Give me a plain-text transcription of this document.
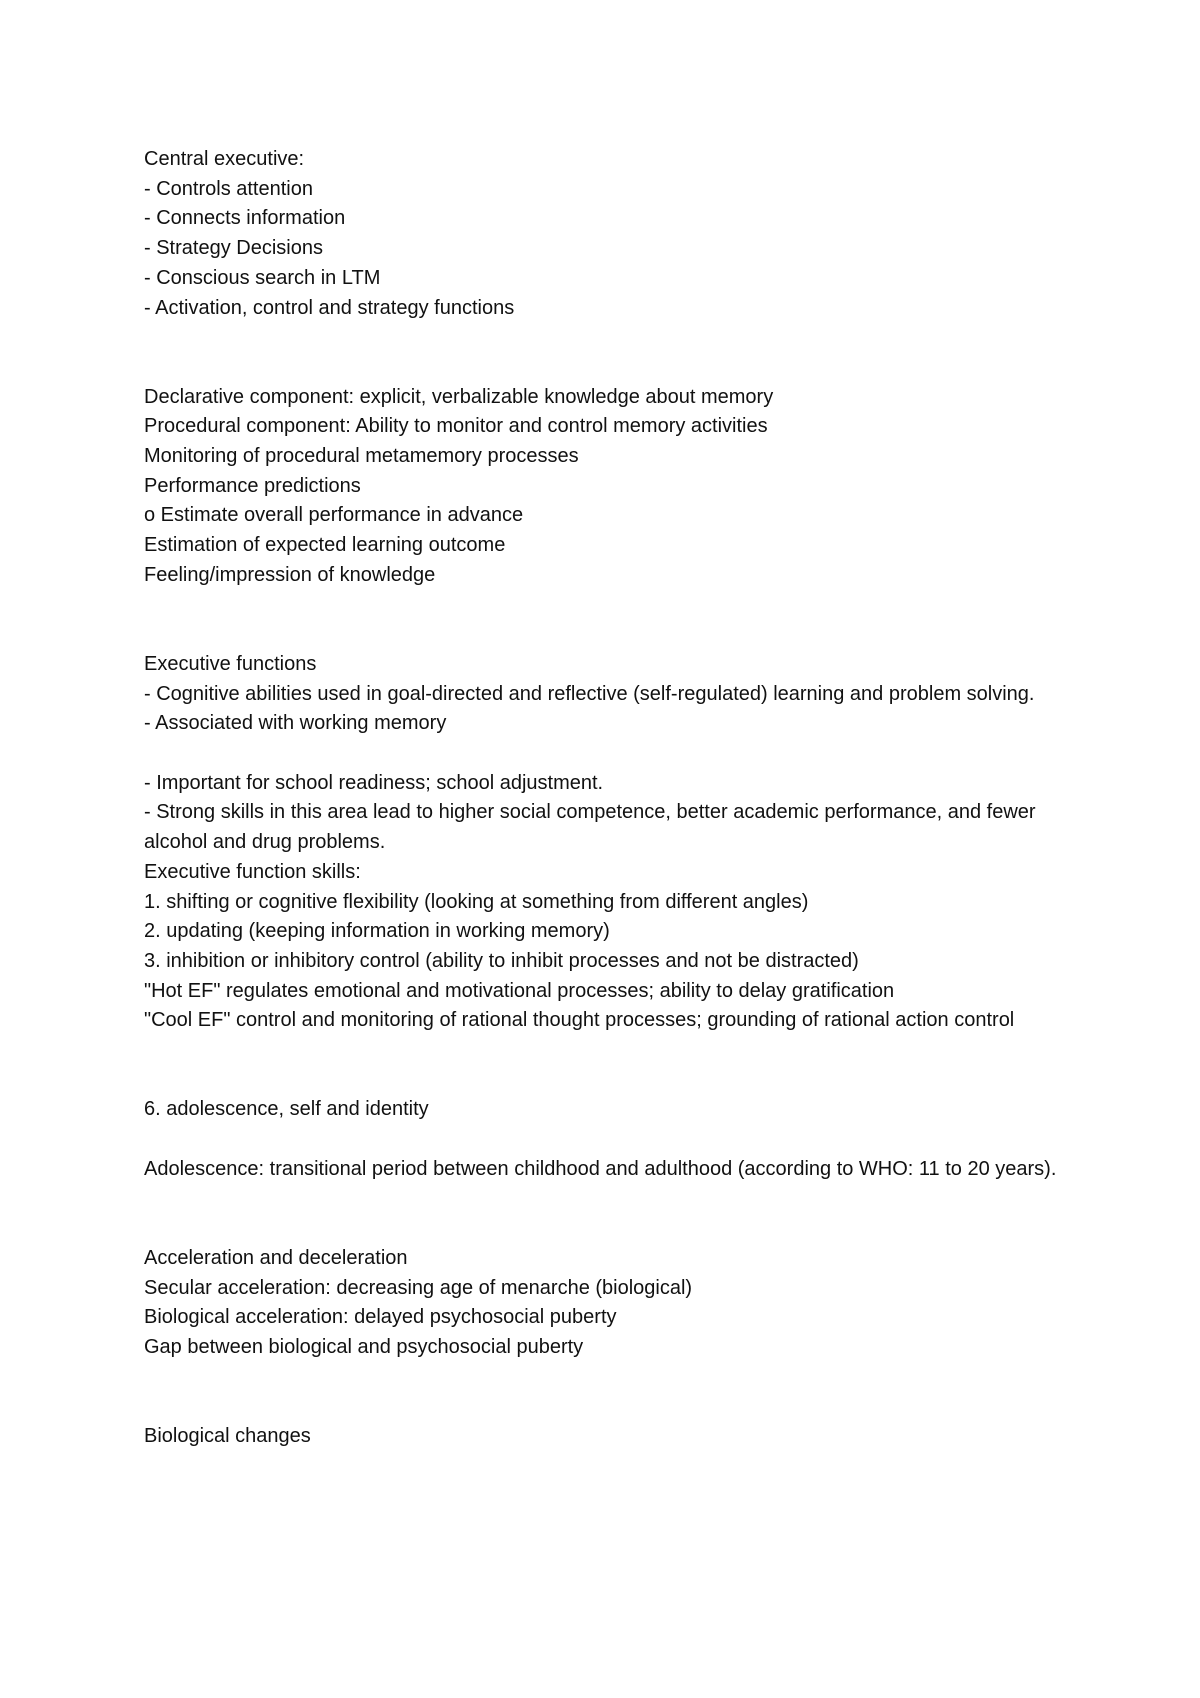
Central executive:
- Controls attention
- Connects information
- Strategy Decisions
- Conscious search in LTM
- Activation, control and strategy functions
Declarative component: explicit, verbalizable knowledge about memory
Procedural component: Ability to monitor and control memory activities
Monitoring of procedural metamemory processes
Performance predictions
o Estimate overall performance in advance
Estimation of expected learning outcome
Feeling/impression of knowledge
Executive functions
- Cognitive abilities used in goal-directed and reflective (self-regulated) learning and problem solving.
- Associated with working memory
- Important for school readiness; school adjustment.
- Strong skills in this area lead to higher social competence, better academic performance, and fewer alcohol and drug problems.
Executive function skills:
1. shifting or cognitive flexibility (looking at something from different angles)
2. updating (keeping information in working memory)
3. inhibition or inhibitory control (ability to inhibit processes and not be distracted)
"Hot EF" regulates emotional and motivational processes; ability to delay gratification
"Cool EF" control and monitoring of rational thought processes; grounding of rational action control
6. adolescence, self and identity
Adolescence: transitional period between childhood and adulthood (according to WHO: 11 to 20 years).
Acceleration and deceleration
Secular acceleration: decreasing age of menarche (biological)
Biological acceleration: delayed psychosocial puberty
Gap between biological and psychosocial puberty
Biological changes
